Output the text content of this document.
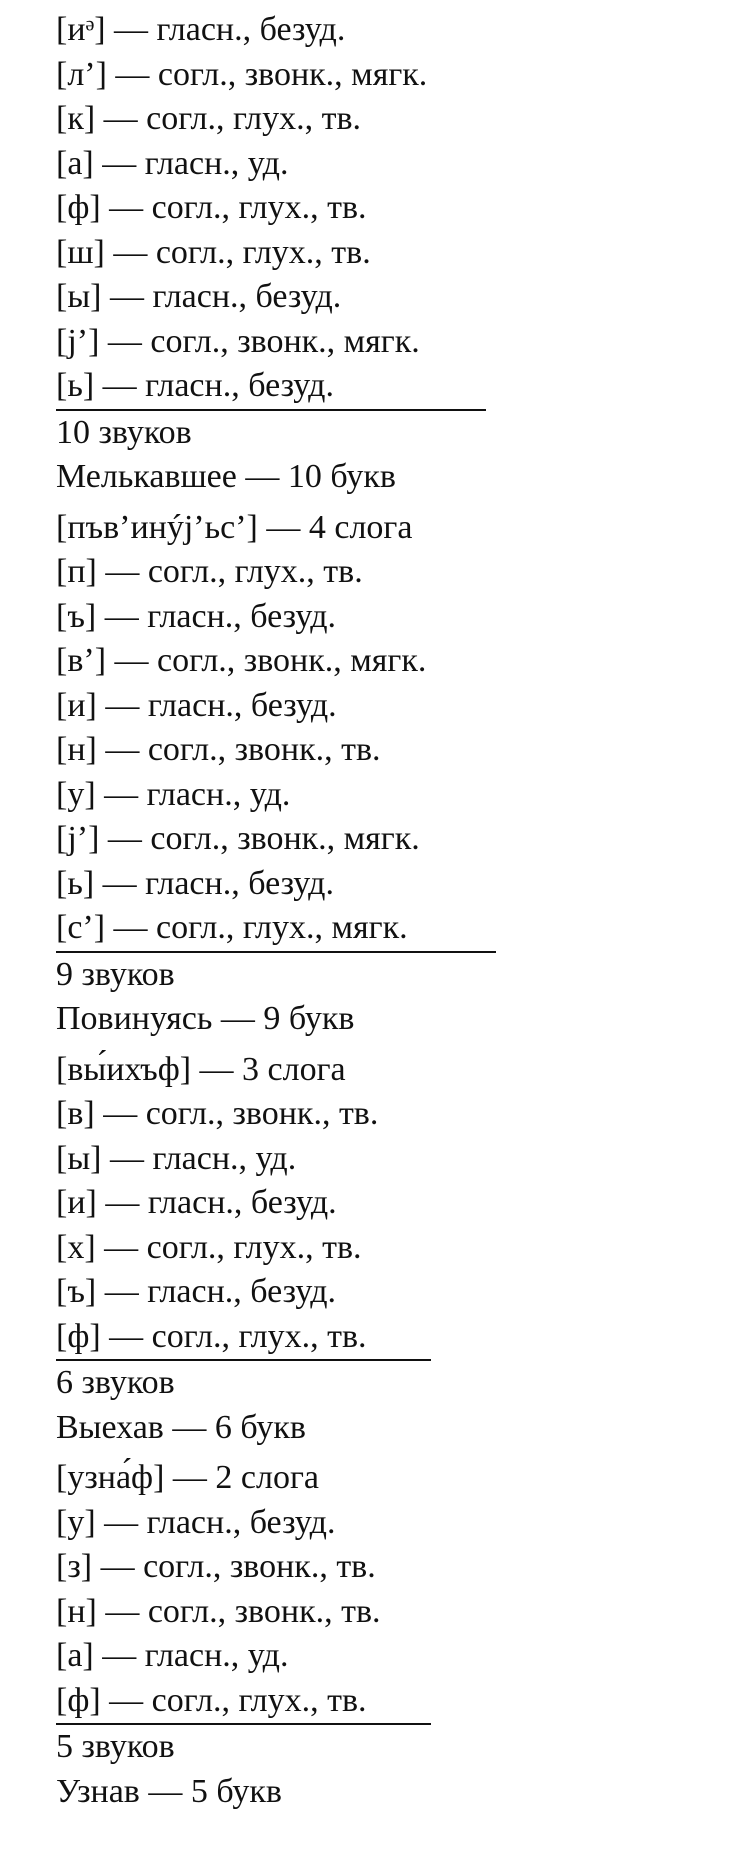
[иᵊ] — гласн., безуд.
[л’] — согл., звонк., мягк.
[к] — согл., глух., тв.
[а] — гласн., уд.
[ф] — согл., глух., тв.
[ш] — согл., глух., тв.
[ы] — гласн., безуд.
[j’] — согл., звонк., мягк.
[ь] — гласн., безуд.
10 звуков
Мелькавшее — 10 букв
[пъв’инýj’ьс’] — 4 слога
[п] — согл., глух., тв.
[ъ] — гласн., безуд.
[в’] — согл., звонк., мягк.
[и] — гласн., безуд.
[н] — согл., звонк., тв.
[у] — гласн., уд.
[j’] — согл., звонк., мягк.
[ь] — гласн., безуд.
[с’] — согл., глух., мягк.
9 звуков
Повинуясь — 9 букв
[вы́ихъф] — 3 слога
[в] — согл., звонк., тв.
[ы] — гласн., уд.
[и] — гласн., безуд.
[х] — согл., глух., тв.
[ъ] — гласн., безуд.
[ф] — согл., глух., тв.
6 звуков
Выехав — 6 букв
[узна́ф] — 2 слога
[у] — гласн., безуд.
[з] — согл., звонк., тв.
[н] — согл., звонк., тв.
[а] — гласн., уд.
[ф] — согл., глух., тв.
5 звуков
Узнав — 5 букв
